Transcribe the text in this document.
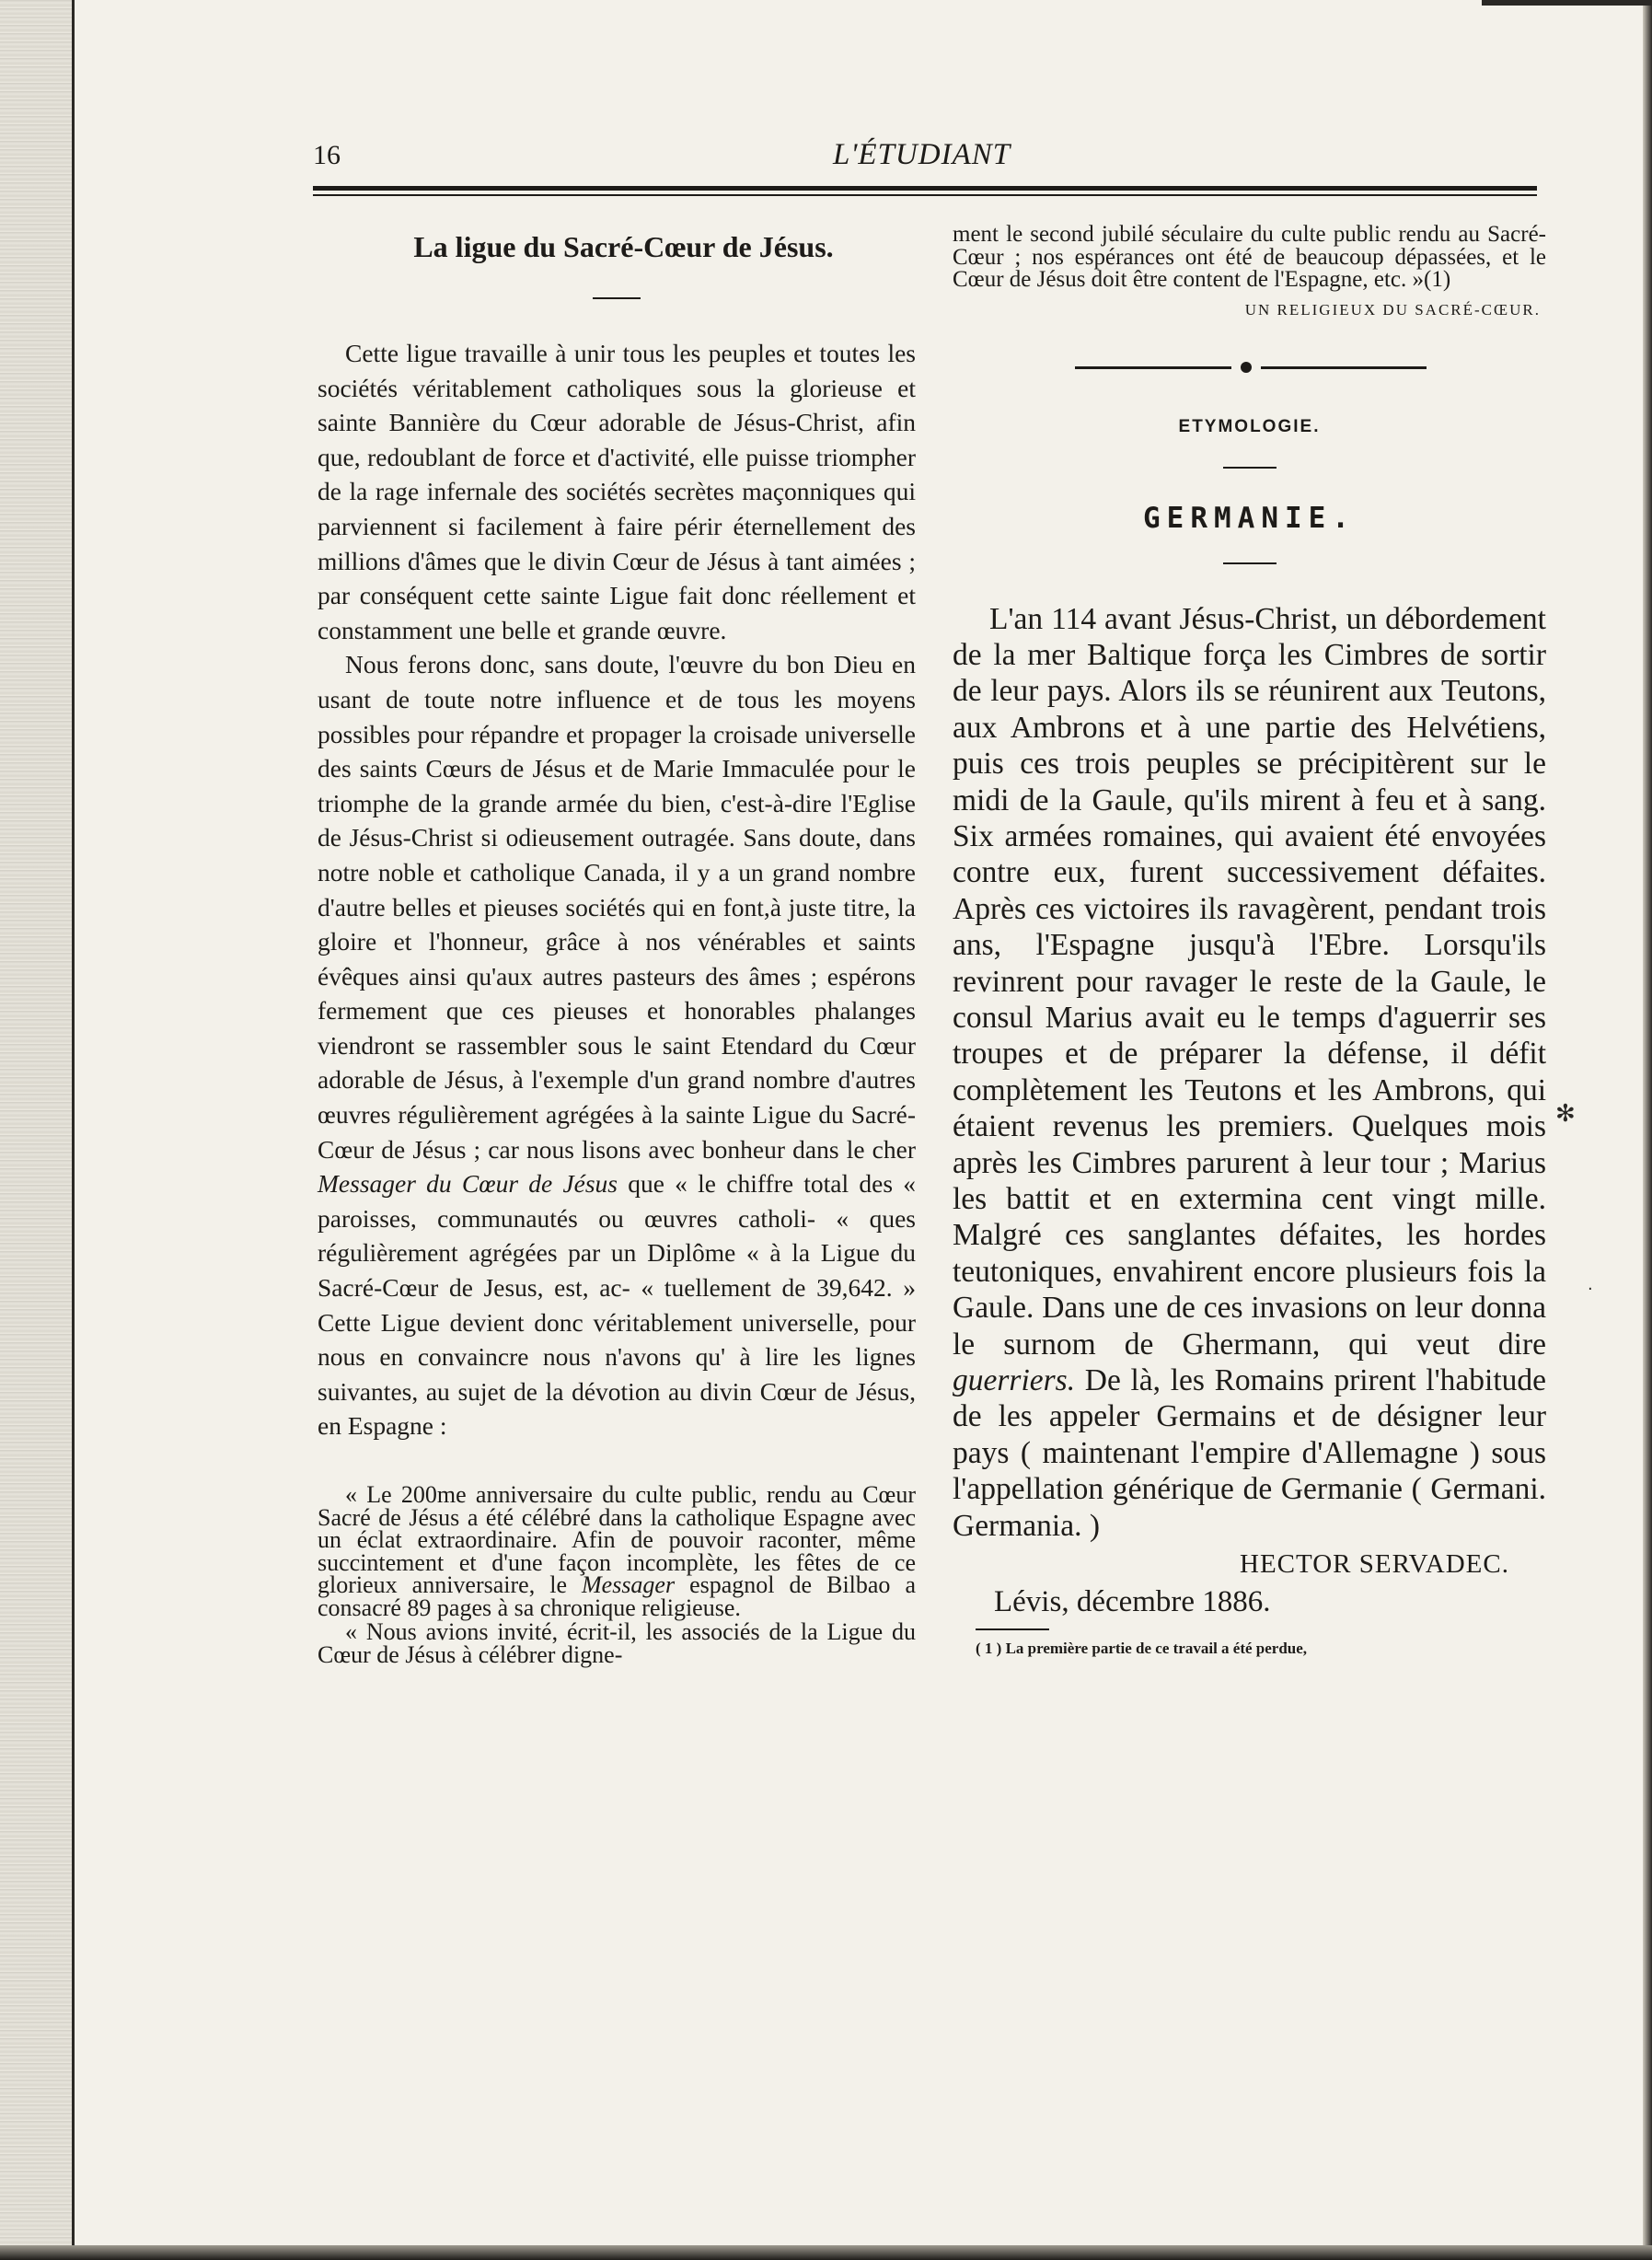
✻
·
16	L'ÉTUDIANT
La ligue du Sacré-Cœur de Jésus.

Cette ligue travaille à unir tous les peuples et toutes les sociétés véritablement catholiques sous la glorieuse et sainte Bannière du Cœur adorable de Jésus-Christ, afin que, redoublant de force et d'activité, elle puisse triompher de la rage infernale des sociétés secrètes maçonniques qui parviennent si facilement à faire périr éternellement des millions d'âmes que le divin Cœur de Jésus à tant aimées ; par conséquent cette sainte Ligue fait donc réellement et constamment une belle et grande œuvre.

Nous ferons donc, sans doute, l'œuvre du bon Dieu en usant de toute notre influence et de tous les moyens possibles pour répandre et propager la croisade universelle des saints Cœurs de Jésus et de Marie Immaculée pour le triomphe de la grande armée du bien, c'est-à-dire l'Eglise de Jésus-Christ si odieusement outragée. Sans doute, dans notre noble et catholique Canada, il y a un grand nombre d'autre belles et pieuses sociétés qui en font,à juste titre, la gloire et l'honneur, grâce à nos vénérables et saints évêques ainsi qu'aux autres pasteurs des âmes ; espérons fermement que ces pieuses et honorables phalanges viendront se rassembler sous le saint Etendard du Cœur adorable de Jésus, à l'exemple d'un grand nombre d'autres œuvres régulièrement agrégées à la sainte Ligue du Sacré-Cœur de Jésus ; car nous lisons avec bonheur dans le cher Messager du Cœur de Jésus que « le chiffre total des « paroisses, communautés ou œuvres catholi- « ques régulièrement agrégées par un Diplôme « à la Ligue du Sacré-Cœur de Jesus, est, ac- « tuellement de 39,642. » Cette Ligue devient donc véritablement universelle, pour nous en convaincre nous n'avons qu' à lire les lignes suivantes, au sujet de la dévotion au divin Cœur de Jésus, en Espagne :

« Le 200me anniversaire du culte public, rendu au Cœur Sacré de Jésus a été célébré dans la catholique Espagne avec un éclat extraordinaire. Afin de pouvoir raconter, même succintement et d'une façon incomplète, les fêtes de ce glorieux anniversaire, le Messager espagnol de Bilbao a consacré 89 pages à sa chronique religieuse.

« Nous avions invité, écrit-il, les associés de la Ligue du Cœur de Jésus à célébrer digne-

ment le second jubilé séculaire du culte public rendu au Sacré-Cœur ; nos espérances ont été de beaucoup dépassées, et le Cœur de Jésus doit être content de l'Espagne, etc. »(1)

UN RELIGIEUX DU SACRÉ-CŒUR.
ETYMOLOGIE.
GERMANIE.

L'an 114 avant Jésus-Christ, un débordement de la mer Baltique força les Cimbres de sortir de leur pays. Alors ils se réunirent aux Teutons, aux Ambrons et à une partie des Helvétiens, puis ces trois peuples se précipitèrent sur le midi de la Gaule, qu'ils mirent à feu et à sang. Six armées romaines, qui avaient été envoyées contre eux, furent successivement défaites. Après ces victoires ils ravagèrent, pendant trois ans, l'Espagne jusqu'à l'Ebre. Lorsqu'ils revinrent pour ravager le reste de la Gaule, le consul Marius avait eu le temps d'aguerrir ses troupes et de préparer la défense, il défit complètement les Teutons et les Ambrons, qui étaient revenus les premiers. Quelques mois après les Cimbres parurent à leur tour ; Marius les battit et en extermina cent vingt mille. Malgré ces sanglantes défaites, les hordes teutoniques, envahirent encore plusieurs fois la Gaule. Dans une de ces invasions on leur donna le surnom de Ghermann, qui veut dire guerriers. De là, les Romains prirent l'habitude de les appeler Germains et de désigner leur pays ( maintenant l'empire d'Allemagne ) sous l'appellation générique de Germanie ( Germani. Germania. )

HECTOR SERVADEC.
Lévis, décembre 1886.
( 1 ) La première partie de ce travail a été perdue,
